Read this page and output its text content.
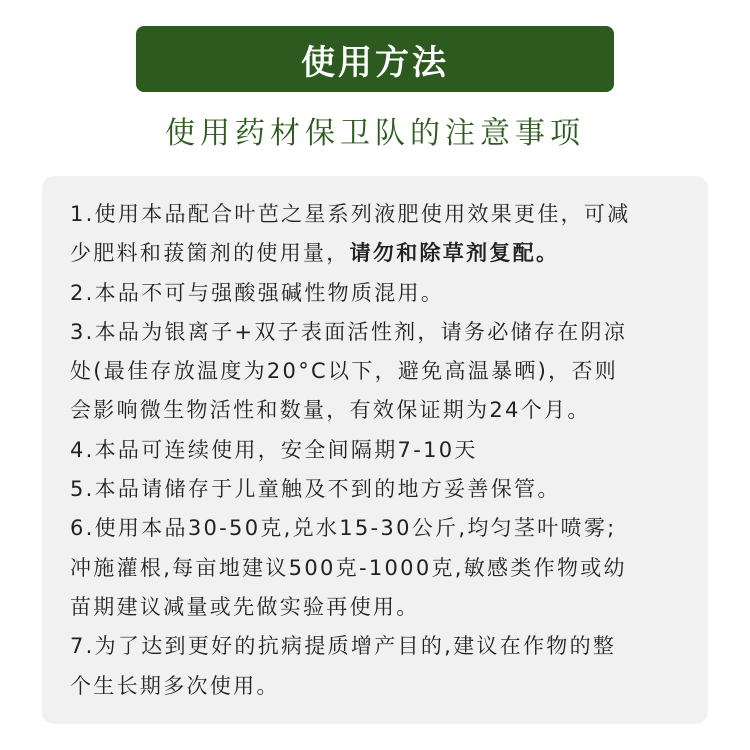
使用方法
使用药材保卫队的注意事项
1.使用本品配合叶芭之星系列液肥使用效果更佳，可减
少肥料和菝箘剂的使用量，请勿和除草剂复配。
2.本品不可与强酸强碱性物质混用。
3.本品为银离子+双子表面活性剂，请务必储存在阴凉
处(最佳存放温度为20°C以下，避免高温暴晒)，否则
会影响微生物活性和数量，有效保证期为24个月。
4.本品可连续使用，安全间隔期7-10天
5.本品请储存于儿童触及不到的地方妥善保管。
6.使用本品30-50克,兑水15-30公斤,均匀茎叶喷雾;
冲施灌根,每亩地建议500克-1000克,敏感类作物或幼
苗期建议减量或先做实验再使用。
7.为了达到更好的抗病提质增产目的,建议在作物的整
个生长期多次使用。
